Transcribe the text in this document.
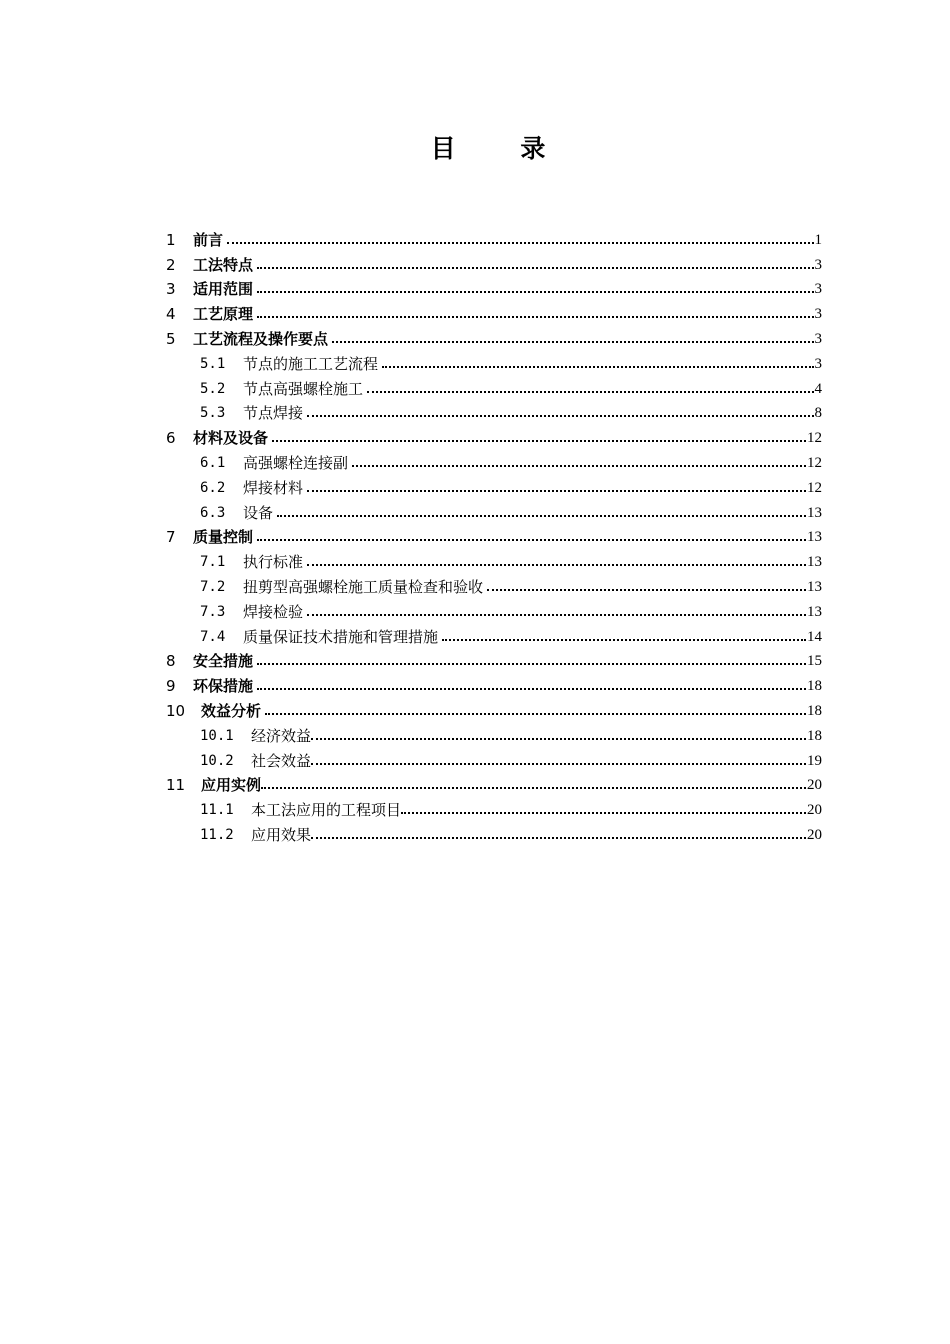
目 录
1	前言	1
2	工法特点	3
3	适用范围	3
4	工艺原理	3
5	工艺流程及操作要点	3
5.1	节点的施工工艺流程	3
5.2	节点高强螺栓施工	4
5.3	节点焊接	8
6	材料及设备	12
6.1	高强螺栓连接副	12
6.2	焊接材料	12
6.3	设备	13
7	质量控制	13
7.1	执行标准	13
7.2	扭剪型高强螺栓施工质量检查和验收	13
7.3	焊接检验	13
7.4	质量保证技术措施和管理措施	14
8	安全措施	15
9	环保措施	18
10	效益分析	18
10.1	经济效益	18
10.2	社会效益	19
11	应用实例	20
11.1	本工法应用的工程项目	20
11.2	应用效果	20
